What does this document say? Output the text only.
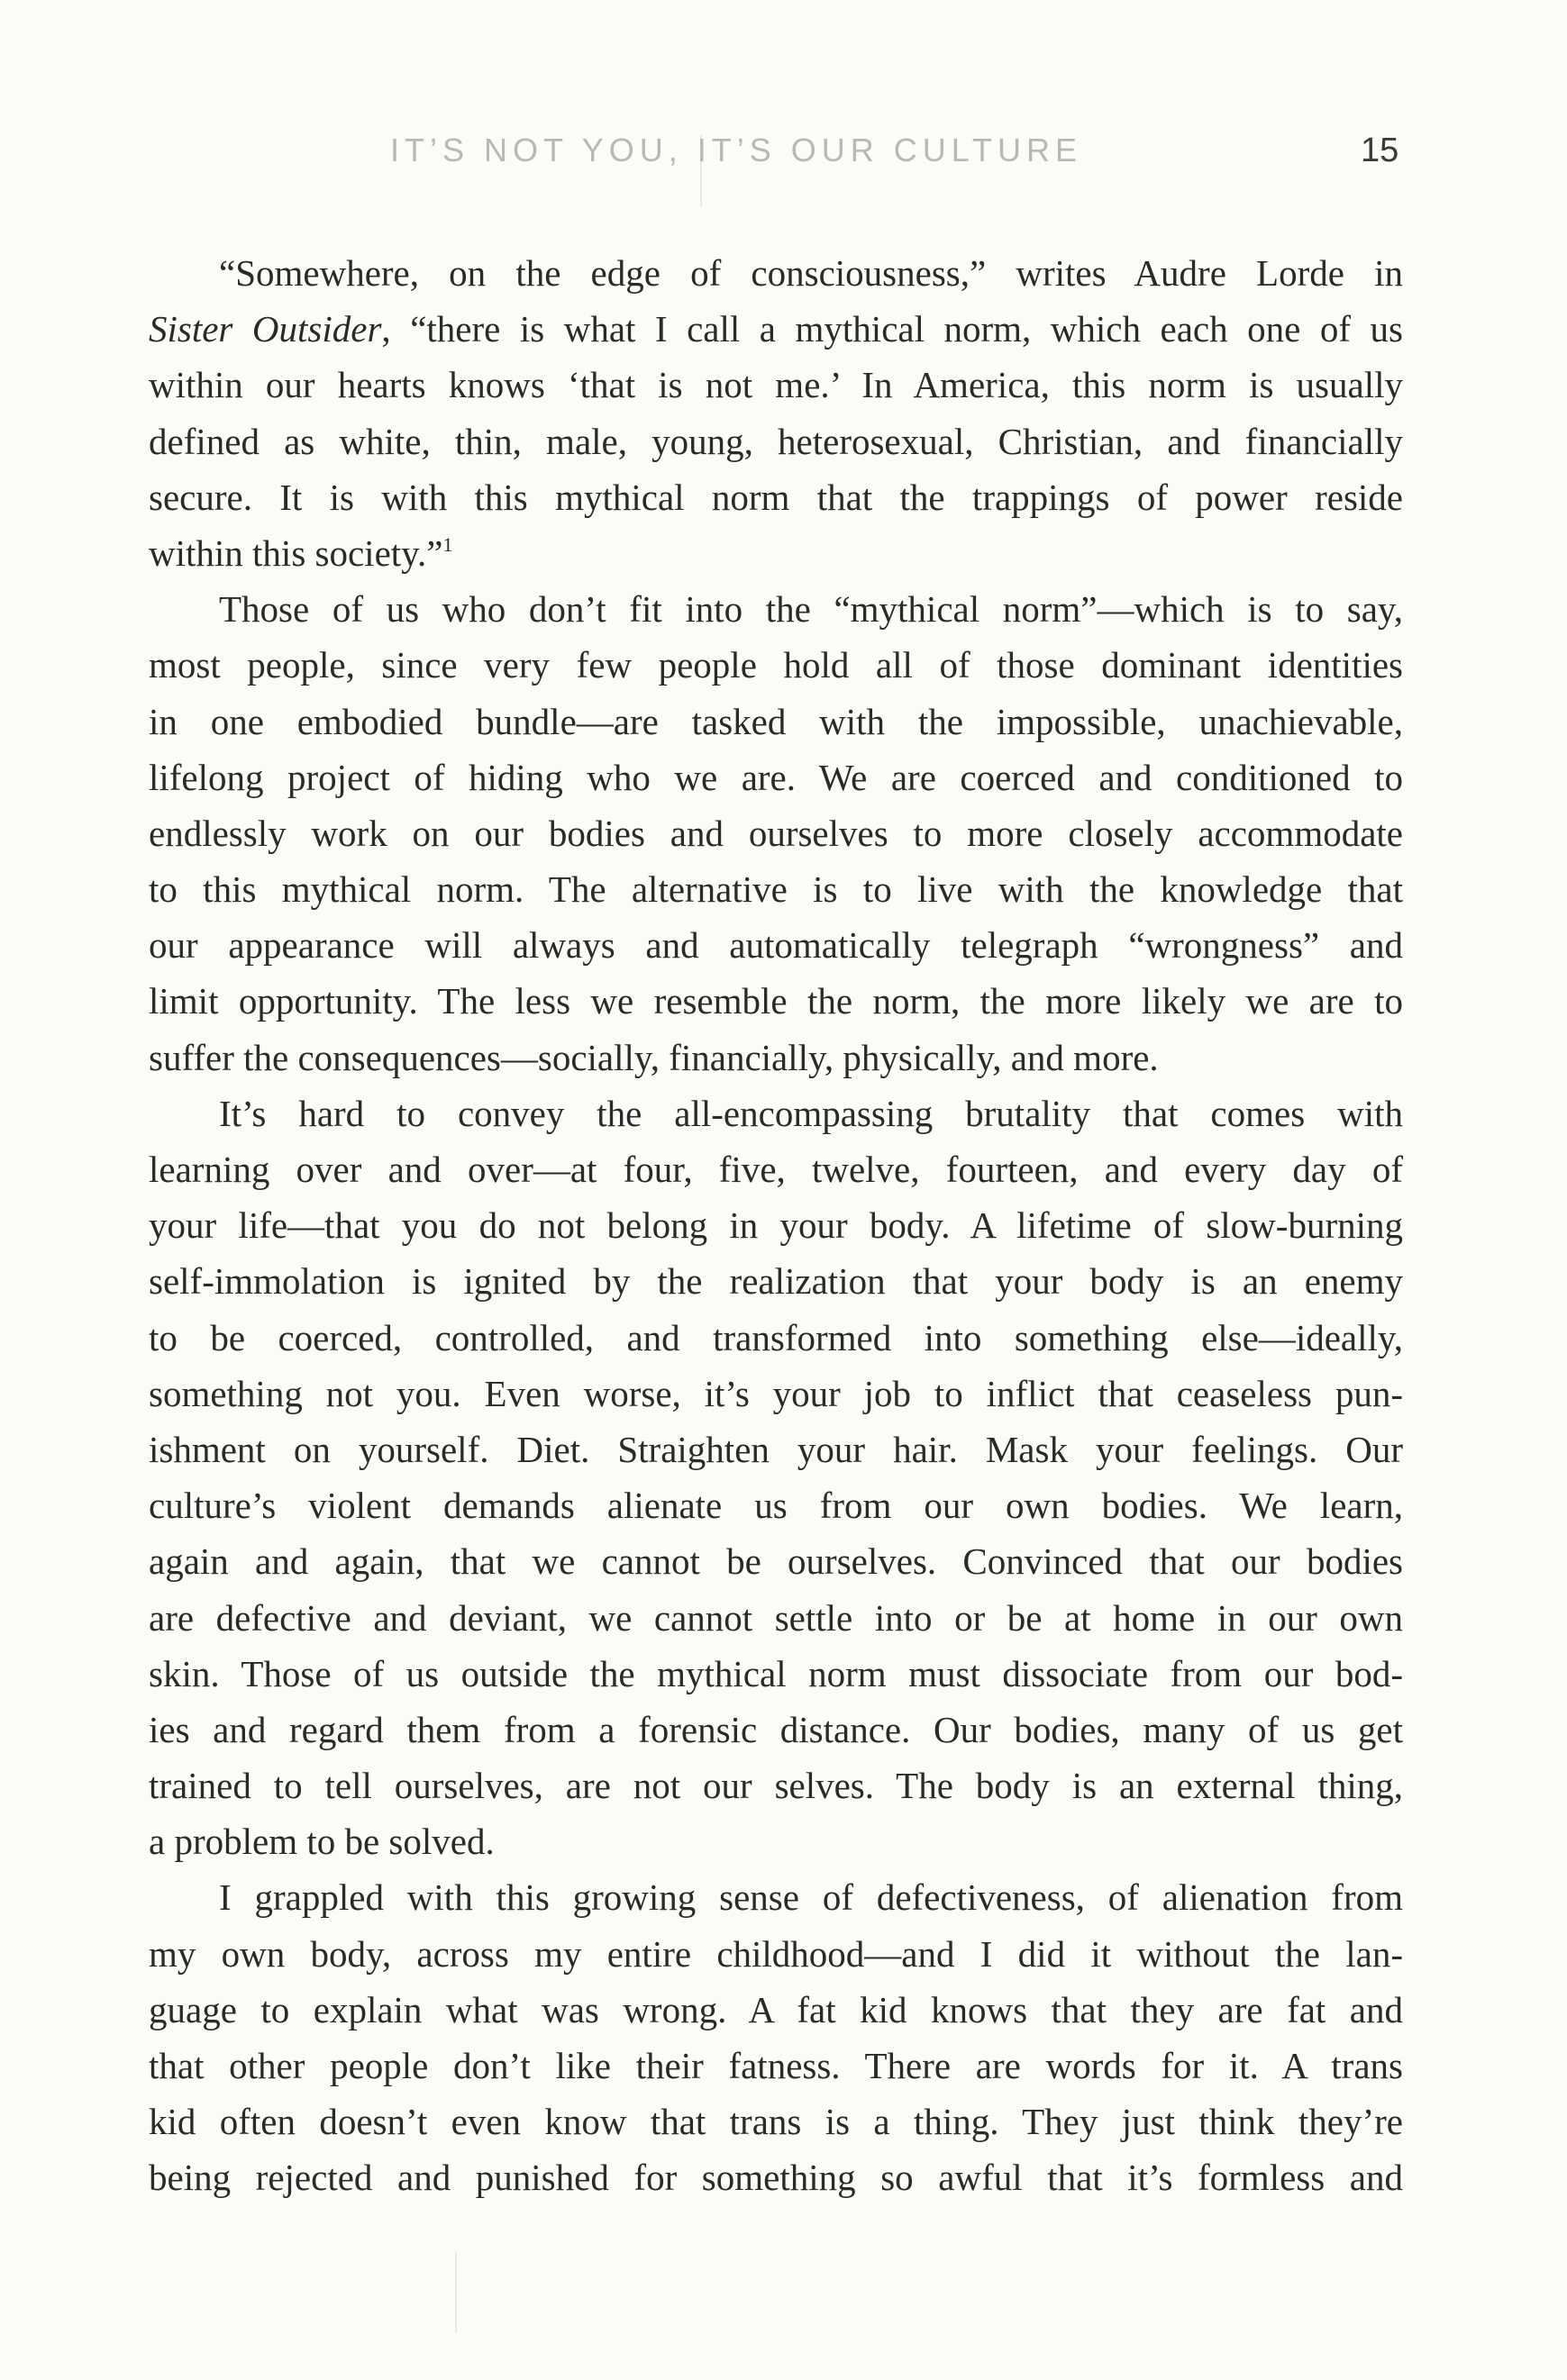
IT’S NOT YOU, IT’S OUR CULTURE	15
“Somewhere, on the edge of consciousness,” writes Audre Lorde in
Sister Outsider, “there is what I call a mythical norm, which each one of us
within our hearts knows ‘that is not me.’ In America, this norm is usually
defined as white, thin, male, young, heterosexual, Christian, and financially
secure. It is with this mythical norm that the trappings of power reside
within this society.”$^1$
Those of us who don’t fit into the “mythical norm”—which is to say,
most people, since very few people hold all of those dominant identities
in one embodied bundle—are tasked with the impossible, unachievable,
lifelong project of hiding who we are. We are coerced and conditioned to
endlessly work on our bodies and ourselves to more closely accommodate
to this mythical norm. The alternative is to live with the knowledge that
our appearance will always and automatically telegraph “wrongness” and
limit opportunity. The less we resemble the norm, the more likely we are to
suffer the consequences—socially, financially, physically, and more.
It’s hard to convey the all-encompassing brutality that comes with
learning over and over—at four, five, twelve, fourteen, and every day of
your life—that you do not belong in your body. A lifetime of slow-burning
self-immolation is ignited by the realization that your body is an enemy
to be coerced, controlled, and transformed into something else—ideally,
something not you. Even worse, it’s your job to inflict that ceaseless pun-
ishment on yourself. Diet. Straighten your hair. Mask your feelings. Our
culture’s violent demands alienate us from our own bodies. We learn,
again and again, that we cannot be ourselves. Convinced that our bodies
are defective and deviant, we cannot settle into or be at home in our own
skin. Those of us outside the mythical norm must dissociate from our bod-
ies and regard them from a forensic distance. Our bodies, many of us get
trained to tell ourselves, are not our selves. The body is an external thing,
a problem to be solved.
I grappled with this growing sense of defectiveness, of alienation from
my own body, across my entire childhood—and I did it without the lan-
guage to explain what was wrong. A fat kid knows that they are fat and
that other people don’t like their fatness. There are words for it. A trans
kid often doesn’t even know that trans is a thing. They just think they’re
being rejected and punished for something so awful that it’s formless and
